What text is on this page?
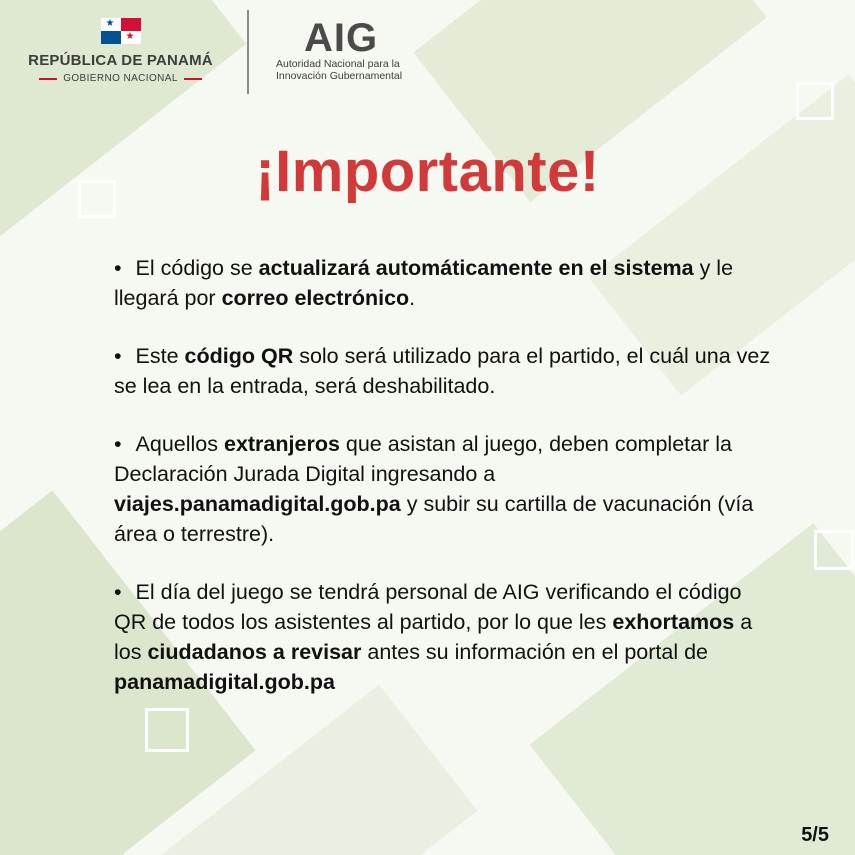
★
★
REPÚBLICA DE PANAMÁ
GOBIERNO NACIONAL
AIG
Autoridad Nacional para la
Innovación Gubernamental
¡Importante!
• El código se actualizará automáticamente en el sistema y le llegará por correo electrónico.
• Este código QR solo será utilizado para el partido, el cuál una vez se lea en la entrada, será deshabilitado.
• Aquellos extranjeros que asistan al juego, deben completar la Declaración Jurada Digital ingresando a viajes.panamadigital.gob.pa y subir su cartilla de vacunación (vía área o terrestre).
• El día del juego se tendrá personal de AIG verificando el código QR de todos los asistentes al partido, por lo que les exhortamos a los ciudadanos a revisar antes su información en el portal de panamadigital.gob.pa
5/5
